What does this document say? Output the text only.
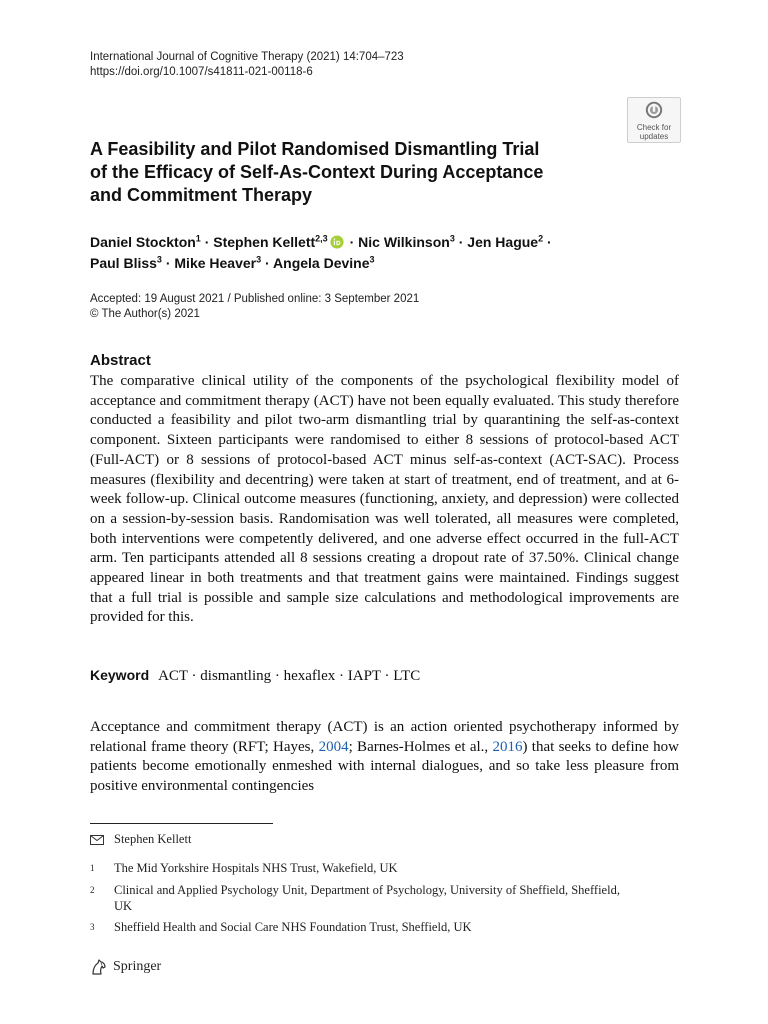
International Journal of Cognitive Therapy (2021) 14:704–723
https://doi.org/10.1007/s41811-021-00118-6
Check for
updates
A Feasibility and Pilot Randomised Dismantling Trial
of the Efficacy of Self-As-Context During Acceptance
and Commitment Therapy
Daniel Stockton$^1$ · Stephen Kellett$^{2,3}$ · Nic Wilkinson$^3$ · Jen Hague$^2$ ·
Paul Bliss$^3$ · Mike Heaver$^3$ · Angela Devine$^3$
Accepted: 19 August 2021 / Published online: 3 September 2021
© The Author(s) 2021
Abstract
The comparative clinical utility of the components of the psychological flexibility model of acceptance and commitment therapy (ACT) have not been equally evaluated. This study therefore conducted a feasibility and pilot two-arm dismantling trial by quarantining the self-as-context component. Sixteen participants were randomised to either 8 sessions of protocol-based ACT (Full-ACT) or 8 sessions of protocol-based ACT minus self-as-context (ACT-SAC). Process measures (flexibility and decentring) were taken at start of treatment, end of treatment, and at 6-week follow-up. Clinical outcome measures (functioning, anxiety, and depression) were collected on a session-by-session basis. Randomisation was well tolerated, all measures were completed, both interventions were competently delivered, and one adverse effect occurred in the full-ACT arm. Ten participants attended all 8 sessions creating a dropout rate of 37.50%. Clinical change appeared linear in both treatments and that treatment gains were maintained. Findings suggest that a full trial is possible and sample size calculations and methodological improvements are provided for this.
Keyword ACT · dismantling · hexaflex · IAPT · LTC
Acceptance and commitment therapy (ACT) is an action oriented psychotherapy informed by relational frame theory (RFT; Hayes, 2004; Barnes-Holmes et al., 2016) that seeks to define how patients become emotionally enmeshed with internal dialogues, and so take less pleasure from positive environmental contingencies
Stephen Kellett
1 The Mid Yorkshire Hospitals NHS Trust, Wakefield, UK
2 Clinical and Applied Psychology Unit, Department of Psychology, University of Sheffield, Sheffield, UK
3 Sheffield Health and Social Care NHS Foundation Trust, Sheffield, UK
Springer
